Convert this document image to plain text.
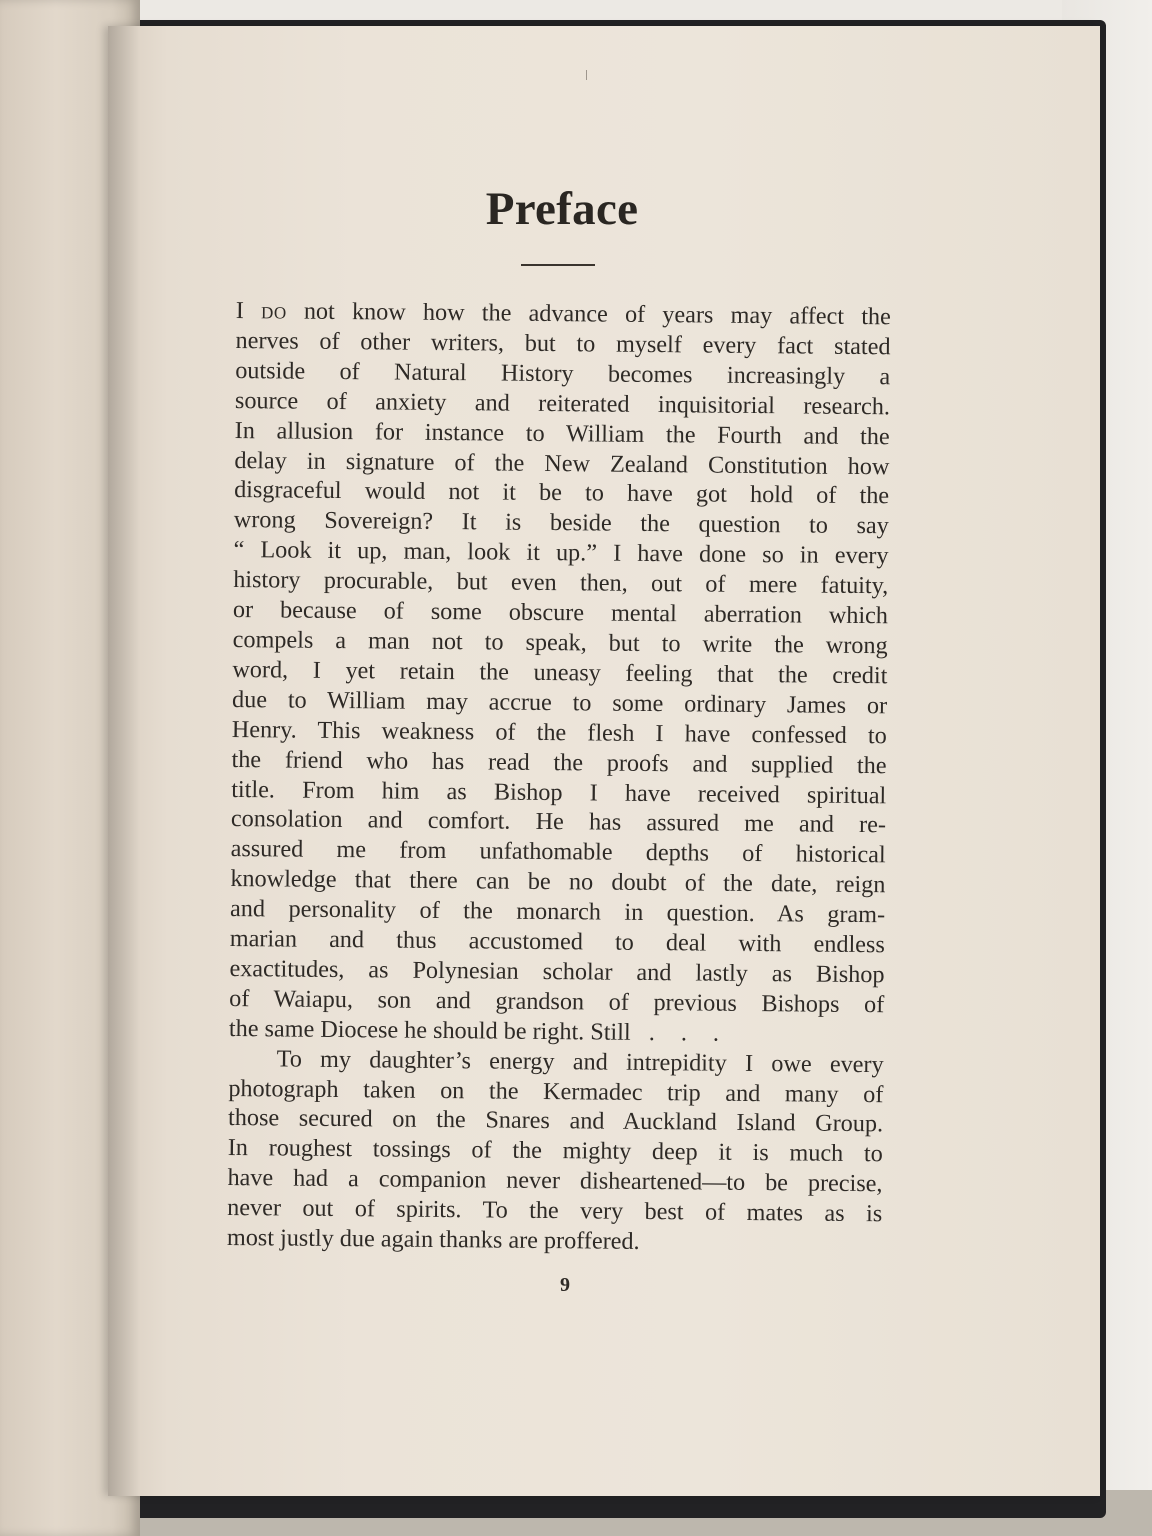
Preface

I do not know how the advance of years may affect the
nerves of other writers, but to myself every fact stated
outside of Natural History becomes increasingly a
source of anxiety and reiterated inquisitorial research.
In allusion for instance to William the Fourth and the
delay in signature of the New Zealand Constitution how
disgraceful would not it be to have got hold of the
wrong Sovereign? It is beside the question to say
“ Look it up, man, look it up.” I have done so in every
history procurable, but even then, out of mere fatuity,
or because of some obscure mental aberration which
compels a man not to speak, but to write the wrong
word, I yet retain the uneasy feeling that the credit
due to William may accrue to some ordinary James or
Henry. This weakness of the flesh I have confessed to
the friend who has read the proofs and supplied the
title. From him as Bishop I have received spiritual
consolation and comfort. He has assured me and re-
assured me from unfathomable depths of historical
knowledge that there can be no doubt of the date, reign
and personality of the monarch in question. As gram-
marian and thus accustomed to deal with endless
exactitudes, as Polynesian scholar and lastly as Bishop
of Waiapu, son and grandson of previous Bishops of
the same Diocese he should be right. Still . . .

To my daughter’s energy and intrepidity I owe every
photograph taken on the Kermadec trip and many of
those secured on the Snares and Auckland Island Group.
In roughest tossings of the mighty deep it is much to
have had a companion never disheartened—to be precise,
never out of spirits. To the very best of mates as is
most justly due again thanks are proffered.

9
